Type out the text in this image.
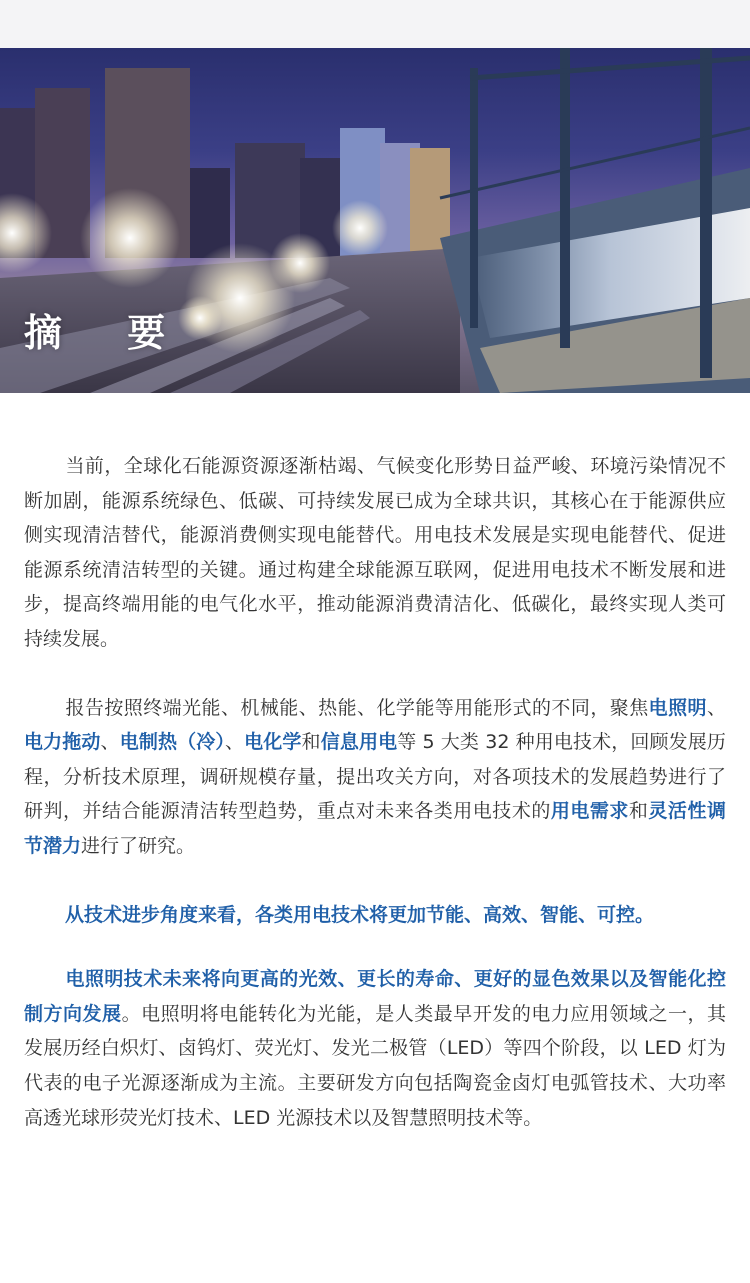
摘 要

当前，全球化石能源资源逐渐枯竭、气候变化形势日益严峻、环境污染情况不断加剧，能源系统绿色、低碳、可持续发展已成为全球共识，其核心在于能源供应侧实现清洁替代，能源消费侧实现电能替代。用电技术发展是实现电能替代、促进能源系统清洁转型的关键。通过构建全球能源互联网，促进用电技术不断发展和进步，提高终端用能的电气化水平，推动能源消费清洁化、低碳化，最终实现人类可持续发展。

报告按照终端光能、机械能、热能、化学能等用能形式的不同，聚焦电照明、电力拖动、电制热（冷）、电化学和信息用电等 5 大类 32 种用电技术，回顾发展历程，分析技术原理，调研规模存量，提出攻关方向，对各项技术的发展趋势进行了研判，并结合能源清洁转型趋势，重点对未来各类用电技术的用电需求和灵活性调节潜力进行了研究。

从技术进步角度来看，各类用电技术将更加节能、高效、智能、可控。

电照明技术未来将向更高的光效、更长的寿命、更好的显色效果以及智能化控制方向发展。电照明将电能转化为光能，是人类最早开发的电力应用领域之一，其发展历经白炽灯、卤钨灯、荧光灯、发光二极管（LED）等四个阶段，以 LED 灯为代表的电子光源逐渐成为主流。主要研发方向包括陶瓷金卤灯电弧管技术、大功率高透光球形荧光灯技术、LED 光源技术以及智慧照明技术等。
